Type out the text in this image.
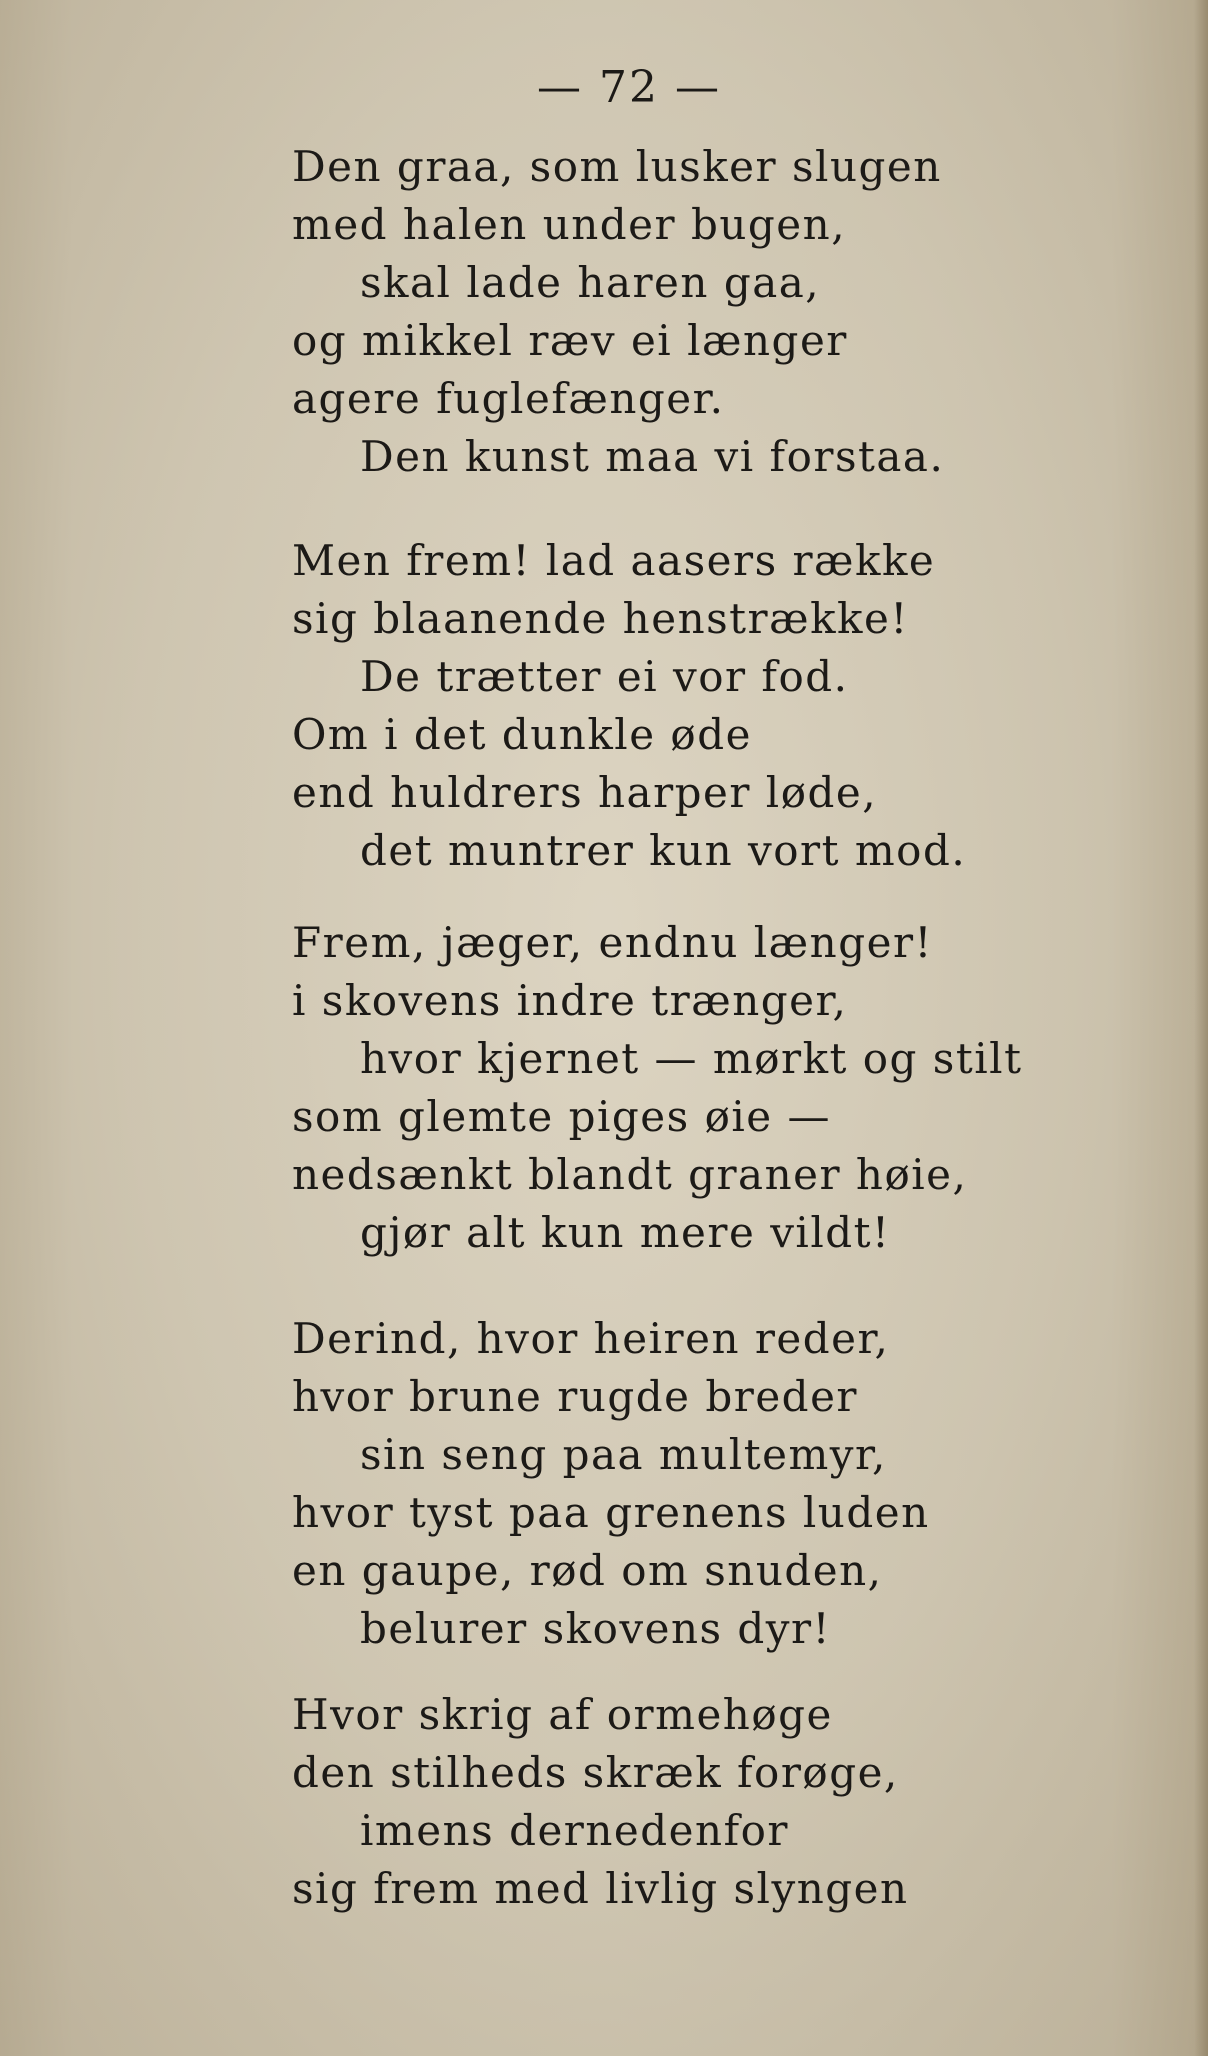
— 72 —
Den graa, som lusker slugen
med halen under bugen,
skal lade haren gaa,
og mikkel ræv ei længer
agere fuglefænger.
Den kunst maa vi forstaa.
Men frem! lad aasers række
sig blaanende henstrække!
De trætter ei vor fod.
Om i det dunkle øde
end huldrers harper løde,
det muntrer kun vort mod.
Frem, jæger, endnu længer!
i skovens indre trænger,
hvor kjernet — mørkt og stilt
som glemte piges øie —
nedsænkt blandt graner høie,
gjør alt kun mere vildt!
Derind, hvor heiren reder,
hvor brune rugde breder
sin seng paa multemyr,
hvor tyst paa grenens luden
en gaupe, rød om snuden,
belurer skovens dyr!
Hvor skrig af ormehøge
den stilheds skræk forøge,
imens dernedenfor
sig frem med livlig slyngen
